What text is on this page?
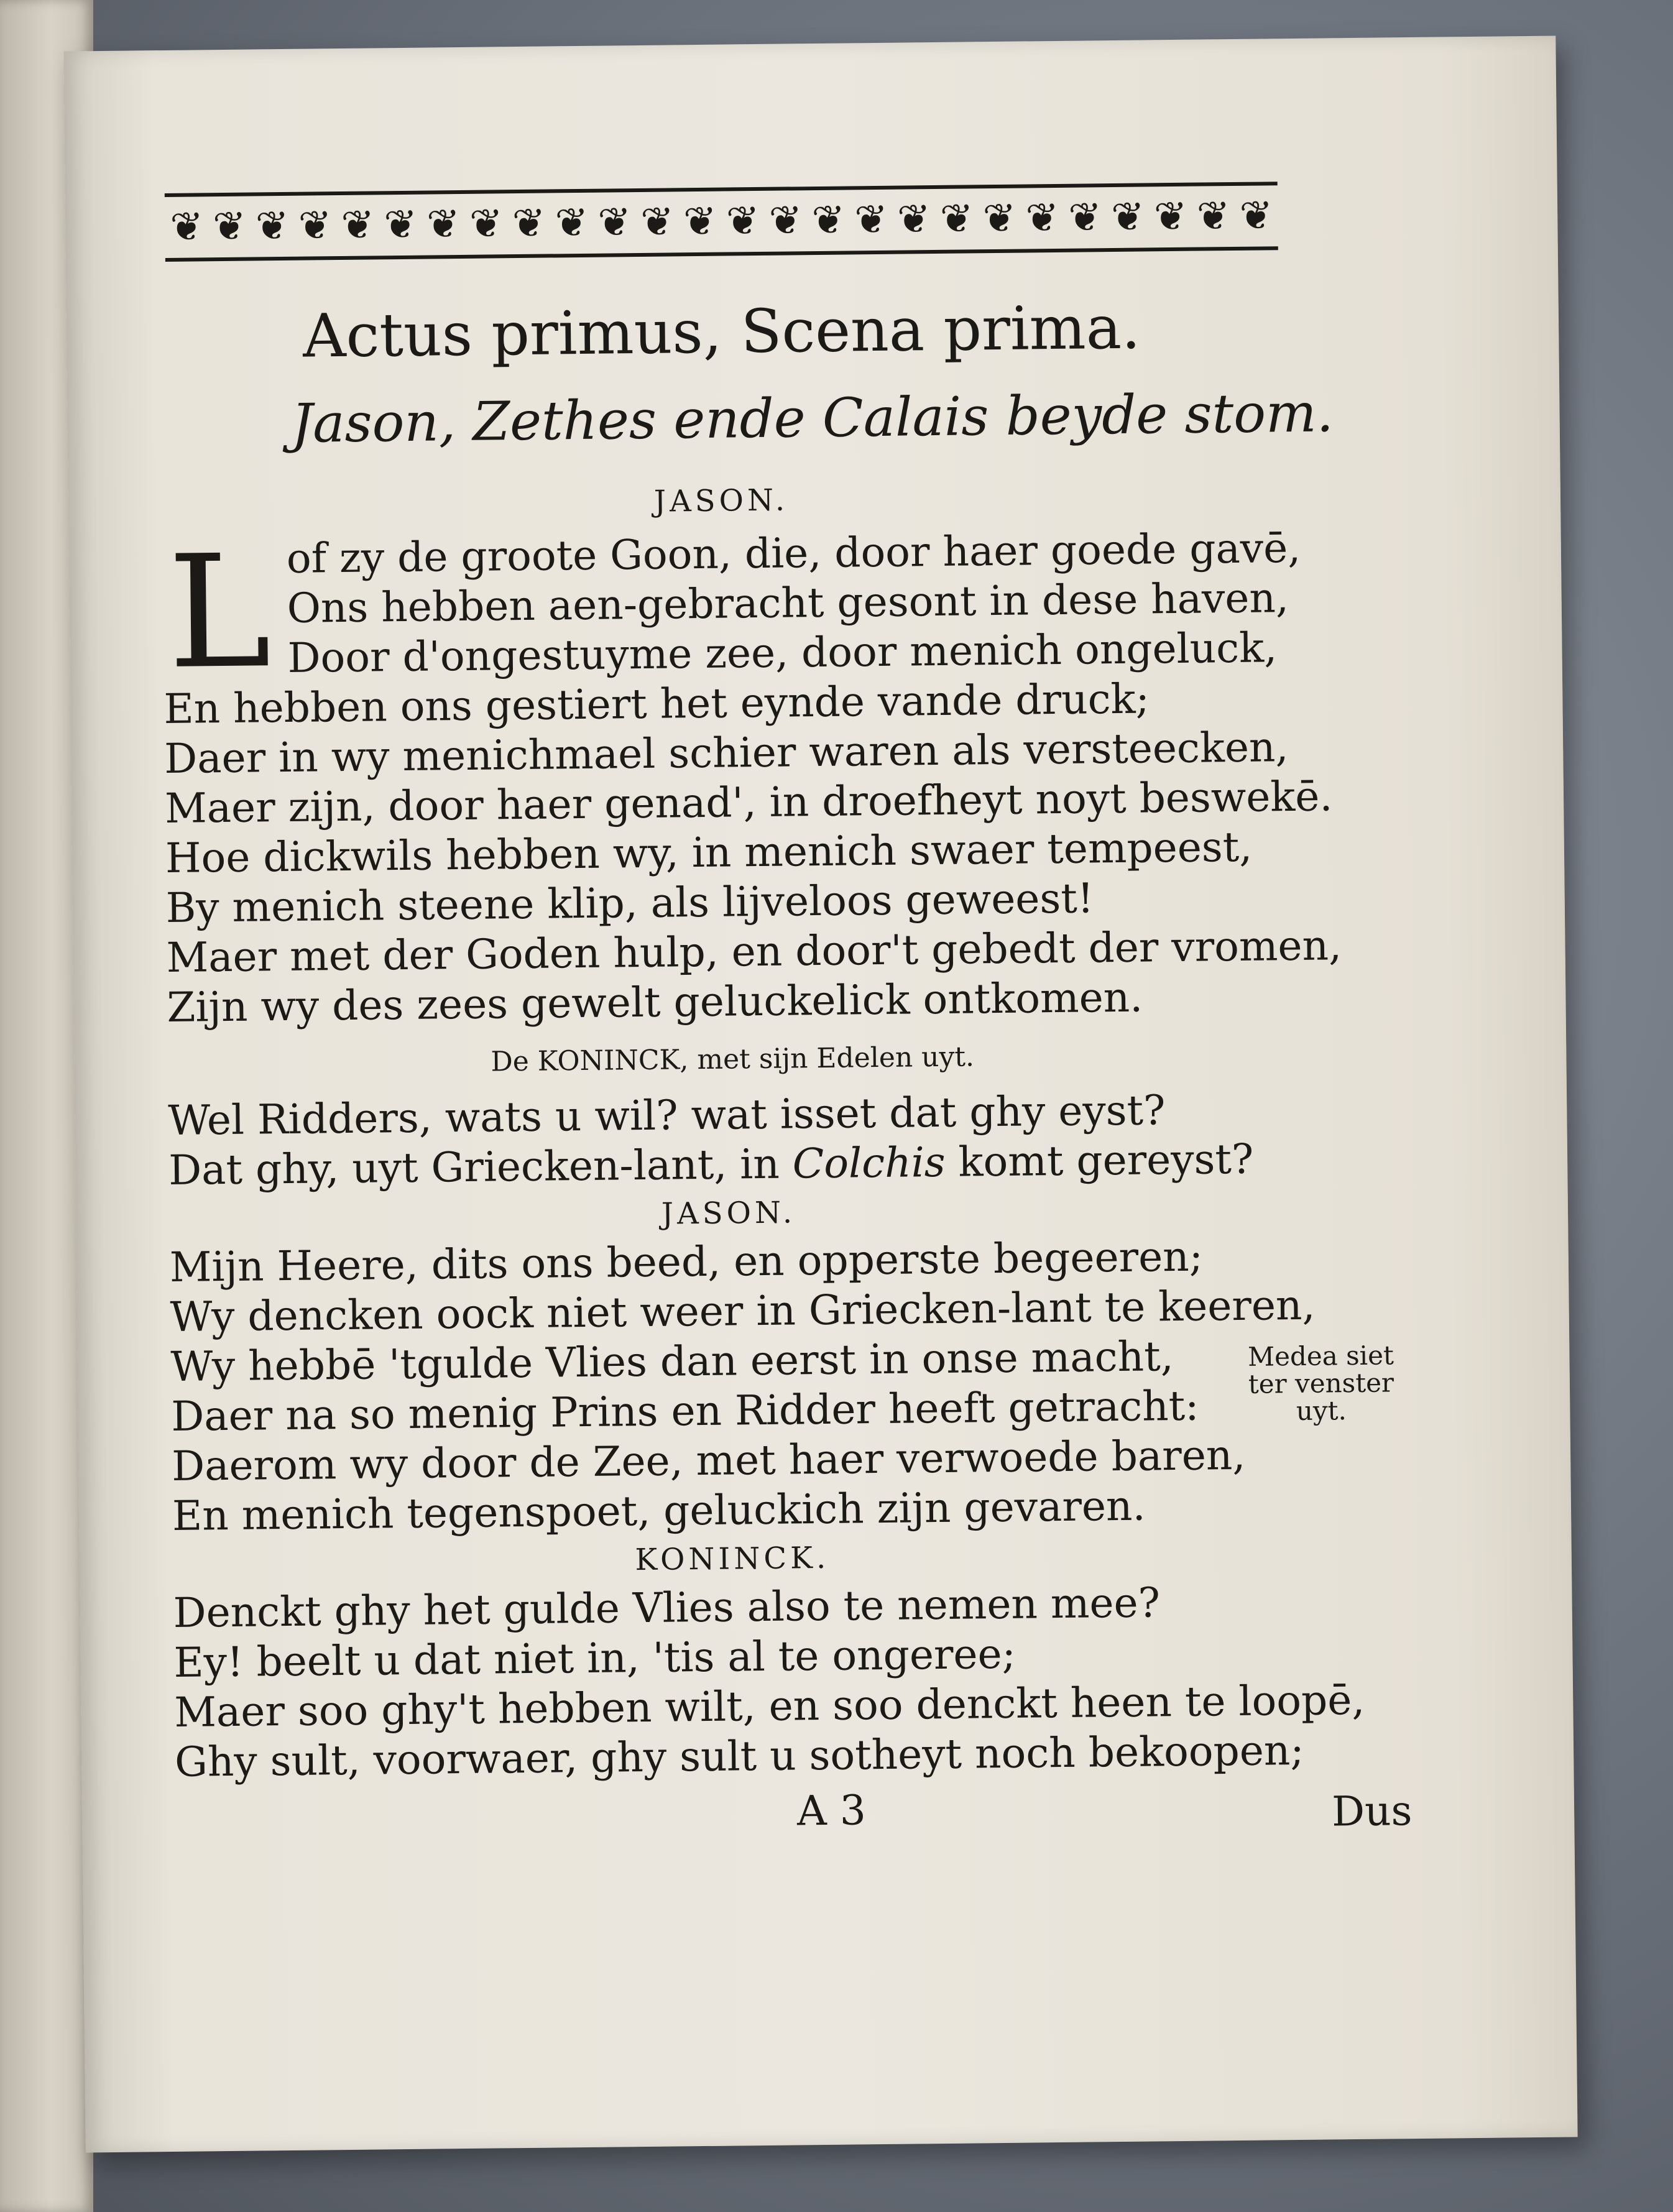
❦ ❦ ❦ ❦ ❦ ❦ ❦ ❦ ❦ ❦ ❦ ❦ ❦ ❦ ❦ ❦ ❦ ❦ ❦ ❦ ❦ ❦ ❦ ❦ ❦ ❦
Actus primus, Scena prima.
Jason, Zethes ende Calais beyde stom.
JASON.
L of zy de groote Goon, die, door haer goede gavē,
Ons hebben aen-gebracht gesont in dese haven,
Door d'ongestuyme zee, door menich ongeluck,
En hebben ons gestiert het eynde vande druck;
Daer in wy menichmael schier waren als versteecken,
Maer zijn, door haer genad', in droefheyt noyt beswekē.
Hoe dickwils hebben wy, in menich swaer tempeest,
By menich steene klip, als lijveloos geweest!
Maer met der Goden hulp, en door't gebedt der vromen,
Zijn wy des zees gewelt geluckelick ontkomen.
De KONINCK, met sijn Edelen uyt.
Wel Ridders, wats u wil? wat isset dat ghy eyst?
Dat ghy, uyt Griecken-lant, in Colchis komt gereyst?
JASON.
Mijn Heere, dits ons beed, en opperste begeeren;
Wy dencken oock niet weer in Griecken-lant te keeren,
Wy hebbē 'tgulde Vlies dan eerst in onse macht,
Daer na so menig Prins en Ridder heeft getracht:
Daerom wy door de Zee, met haer verwoede baren,
En menich tegenspoet, geluckich zijn gevaren.
Medea siet
ter venster
uyt.
KONINCK.
Denckt ghy het gulde Vlies also te nemen mee?
Ey! beelt u dat niet in, 'tis al te ongeree;
Maer soo ghy't hebben wilt, en soo denckt heen te loopē,
Ghy sult, voorwaer, ghy sult u sotheyt noch bekoopen;
A 3	Dus
